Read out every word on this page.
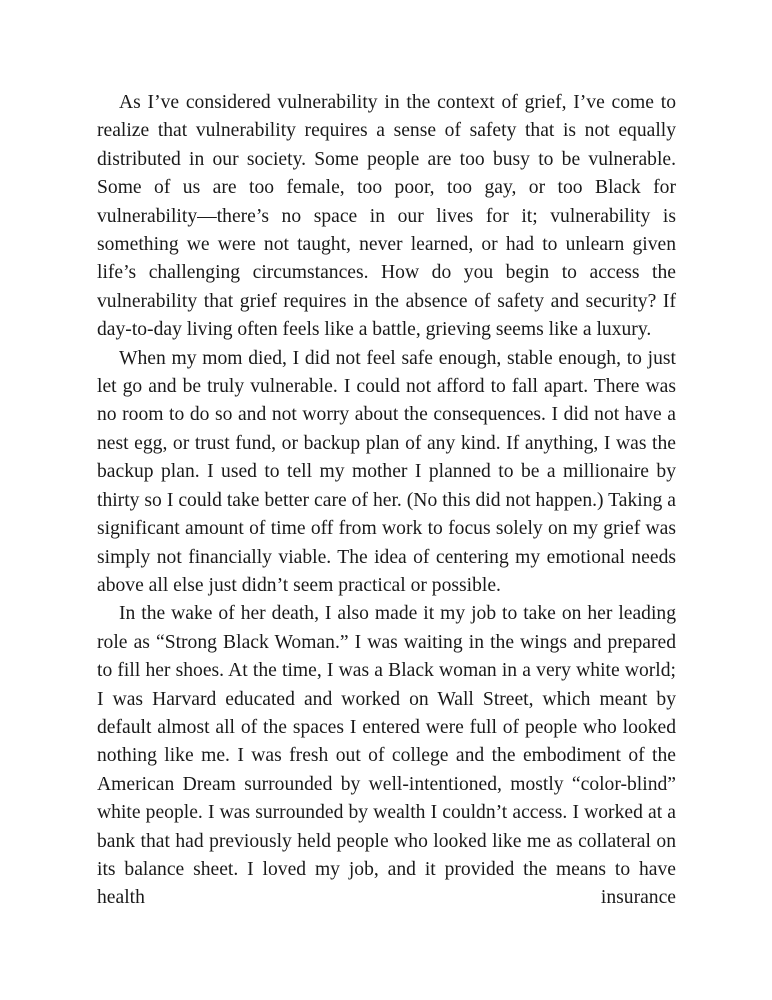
As I’ve considered vulnerability in the context of grief, I’ve come to realize that vulnerability requires a sense of safety that is not equally distributed in our society. Some people are too busy to be vulnerable. Some of us are too female, too poor, too gay, or too Black for vulnerability—there’s no space in our lives for it; vulnerability is something we were not taught, never learned, or had to unlearn given life’s challenging circumstances. How do you begin to access the vulnerability that grief requires in the absence of safety and security? If day-to-day living often feels like a battle, grieving seems like a luxury.

When my mom died, I did not feel safe enough, stable enough, to just let go and be truly vulnerable. I could not afford to fall apart. There was no room to do so and not worry about the consequences. I did not have a nest egg, or trust fund, or backup plan of any kind. If anything, I was the backup plan. I used to tell my mother I planned to be a millionaire by thirty so I could take better care of her. (No this did not happen.) Taking a significant amount of time off from work to focus solely on my grief was simply not financially viable. The idea of centering my emotional needs above all else just didn’t seem practical or possible.

In the wake of her death, I also made it my job to take on her leading role as “Strong Black Woman.” I was waiting in the wings and prepared to fill her shoes. At the time, I was a Black woman in a very white world; I was Harvard educated and worked on Wall Street, which meant by default almost all of the spaces I entered were full of people who looked nothing like me. I was fresh out of college and the embodiment of the American Dream surrounded by well-intentioned, mostly “color-blind” white people. I was surrounded by wealth I couldn’t access. I worked at a bank that had previously held people who looked like me as collateral on its balance sheet. I loved my job, and it provided the means to have health insurance
